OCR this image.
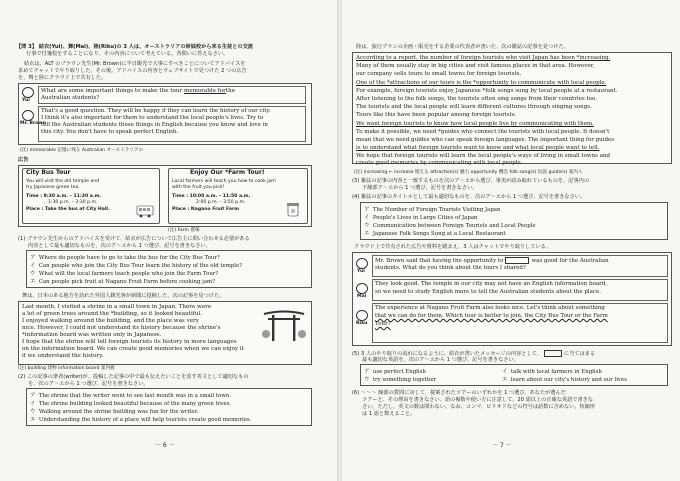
【問 3】 結衣(Yui)、舞(Mai)、陸(Riku)の 3 人は、オーストラリアの姉妹校から来る生徒との交流
行事で付箋校をすることになり、その内容について考えている。各問いに答えなさい。
結衣は、ALT のブラウン先生(Mr. Brown)に半日観光で大事にすべきことについてアドバイスを
求めてチャットでやり取りした。その後、アドバイスの内容とウェブサイトで見つけた 2 つの広告
を、舞と陸にクラウド上で共有した。
Yui
What are some important things to make the tour memorable forthe
Australian students?
Mr. Brown
That's a good question. They will be happy if they can learn the history of our city.
I think it's also important for them to understand the local people's lives. Try to
tell the Australian students those things in English because you know and love in
this city. You don't have to speak perfect English.
(注) memorable 記憶に残る Australian オーストラリアの
広告
City Bus Tour
You will visit the old temple and
try Japanese green tea.
Time : 9:30 a.m. – 11:30 a.m.
1:30 p.m. – 3:30 p.m.
Place : Take the bus at City Hall.
Enjoy Our *Farm Tour!
Local farmers will teach you how to cook jam
with the fruit you pick!
Time : 10:00 a.m. – 11:50 a.m.
2:00 p.m. – 3:50 p.m.
Place : Nagano Fruit Farm
(注) Farm 農場
(1) ブラウン先生からのアドバイスを受けて、結衣が広告について広告主に問い合わせる必要がある
内容として最も適切なものを、次のア～エから 1 つ選び、記号を書きなさい。
ア Where do people have to go to take the bus for the City Bus Tour?
イ Can people who join the City Bus Tour learn the history of the old temple?
ウ What will the local farmers teach people who join the Farm Tour?
エ Can people pick fruit at Nagano Fruit Farm before cooking jam?
舞は、日本のある地方を訪れた外国人観光客が新聞に投稿した、次の記事を見つけた。
Last month, I visited a shrine in a small town in Japan. There were
a lot of green trees around the *building, so it looked beautiful.
I enjoyed walking around the building, and the place was very
nice. However, I could not understand its history because the shrine's
*information board was written only in Japanese.
I hope that the shrine will tell foreign tourists its history in more languages
on the information board. We can create good memories when we can enjoy it
if we understand the history.
(注) building 建物 information board 案内板
(2) この記事の筆者(writer)が、投稿した記事の中で最も伝えたいことを表す英文として適切なもの
を、次のア～エから 1 つ選び、記号を書きなさい。
ア The shrine that the writer went to see last month was in a small town.
イ The shrine building looked beautiful because of the many green trees.
ウ Walking around the shrine building was fun for the writer.
エ Understanding the history of a place will help tourists create good memories.
－ 6 －
陸は、旅行プランの企画・販売をする企業の代表者が書いた、次の雑誌の記事を見つけた。
According to a report, the number of foreign tourists who visit Japan has been *increasing.
Many of them usually stay in big cities and visit famous places in that area. However,
our company sells tours to small towns for foreign tourists.
One of the *attractions of our tours is the *opportunity to communicate with local people.
For example, foreign tourists enjoy Japanese *folk songs sung by local people at a restaurant.
After listening to the folk songs, the tourists often sing songs from their countries too.
The tourists and the local people will learn different cultures through singing songs.
Tours like this have been popular among foreign tourists.
We want foreign tourists to know how local people live by communicating with them.
To make it possible, we need *guides who connect the tourists with local people. It doesn't
mean that we need guides who can speak foreign languages. The important thing for guides
is to understand what foreign tourists want to know and what local people want to tell.
We hope that foreign tourists will learn the local people's ways of living in small towns and
create good memories by communicating with local people.
(注) increasing ← increase 増える attraction(s) 魅力 opportunity 機会 folk song(s) 民謡 guide(s) 案内人
(3) 雑誌の記事の内容と一致するものを次のア～エから選び、事実が読み取れているものを、記事内の
下線部ア～エから 1 つ選び、記号を書きなさい。
(4) 雑誌の記事のタイトルとして最も適切なものを、次のア～エから 1 つ選び、記号を書きなさい。
ア The Number of Foreign Tourists Visiting Japan
イ People's Lives in Large Cities of Japan
ウ Communication between Foreign Tourists and Local People
エ Japanese Folk Songs Sung at a Local Restaurant
クラウド上で共有された広告や資料を踏まえ、3 人はチャットでやり取りしている。
Yui
Mr. Brown said that having the opportunity to	was good for the Australian
students. What do you think about the tours I shared?
Mai
They look good. The temple in our city may not have an English information board,
so we need to study English more to tell the Australian students about the place.
Riku
The experience at Nagano Fruit Farm also looks nice. Let's think about something
that we can do for them. Which tour is better to join, the City Bus Tour or the Farm
Tour?
(5) 3 人のやり取りの流れになるように、結衣が書いたメッセージの内容として、	に当てはまる
最も適切な英語を、次のア～エから 1 つ選び、記号を書きなさい。
ア use perfect English	イ talk with local farmers in English
ウ try something together	エ learn about our city's history and our lives
(6) ～～～ 線部の質問に対して、提案されたツアーのいずれかを 1 つ選び、あなたが選んだ
ツアーと、その理由を書きなさい。語の複数や使い方に注意して、20 語以上の正確な英語で書きな
さい。ただし、英文の数は問わない。なお、コンマ、ピリオドなどの符号は語数に含めない。短縮形
は 1 語と数えること。
－ 7 －
